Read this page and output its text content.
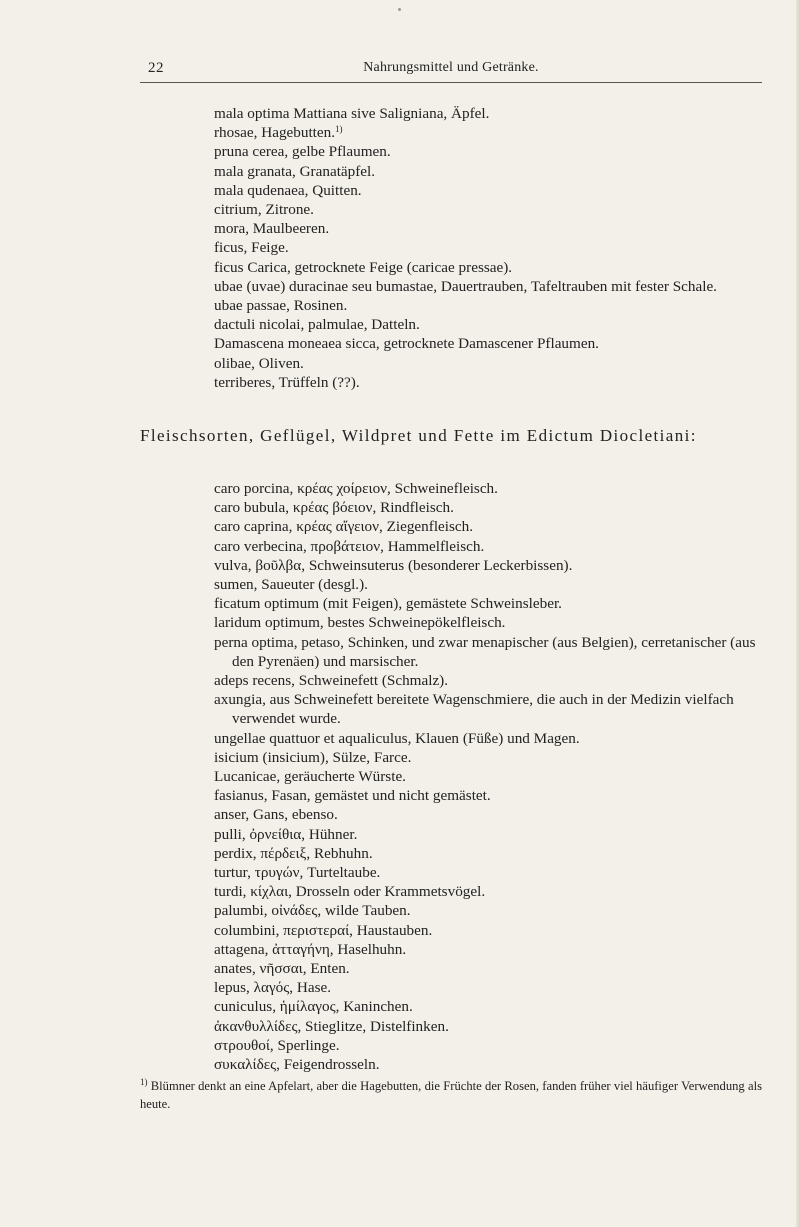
22	Nahrungsmittel und Getränke.

mala optima Mattiana sive Saligniana, Äpfel.

rhosae, Hagebutten.$^{1)}$

pruna cerea, gelbe Pflaumen.

mala granata, Granatäpfel.

mala qudenaea, Quitten.

citrium, Zitrone.

mora, Maulbeeren.

ficus, Feige.

ficus Carica, getrocknete Feige (caricae pressae).

ubae (uvae) duracinae seu bumastae, Dauertrauben, Tafeltrauben mit fester Schale.

ubae passae, Rosinen.

dactuli nicolai, palmulae, Datteln.

Damascena moneaea sicca, getrocknete Damascener Pflaumen.

olibae, Oliven.

terriberes, Trüffeln (??).

Fleischsorten, Geflügel, Wildpret und Fette im Edictum Diocletiani:

caro porcina, κρέας χοίρειον, Schweinefleisch.

caro bubula, κρέας βόειον, Rindfleisch.

caro caprina, κρέας αἴγειον, Ziegenfleisch.

caro verbecina, προβάτειον, Hammelfleisch.

vulva, βοῦλβα, Schweinsuterus (besonderer Leckerbissen).

sumen, Saueuter (desgl.).

ficatum optimum (mit Feigen), gemästete Schweinsleber.

laridum optimum, bestes Schweinepökelfleisch.

perna optima, petaso, Schinken, und zwar menapischer (aus Belgien), cerretanischer (aus den Pyrenäen) und marsischer.

adeps recens, Schweinefett (Schmalz).

axungia, aus Schweinefett bereitete Wagenschmiere, die auch in der Medizin vielfach verwendet wurde.

ungellae quattuor et aqualiculus, Klauen (Füße) und Magen.

isicium (insicium), Sülze, Farce.

Lucanicae, geräucherte Würste.

fasianus, Fasan, gemästet und nicht gemästet.

anser, Gans, ebenso.

pulli, ὀρνείθια, Hühner.

perdix, πέρδειξ, Rebhuhn.

turtur, τρυγών, Turteltaube.

turdi, κίχλαι, Drosseln oder Krammetsvögel.

palumbi, οἰνάδες, wilde Tauben.

columbini, περιστεραί, Haustauben.

attagena, ἀτταγήνη, Haselhuhn.

anates, νῆσσαι, Enten.

lepus, λαγός, Hase.

cuniculus, ἡμίλαγος, Kaninchen.

ἀκανθυλλίδες, Stieglitze, Distelfinken.

στρουθοί, Sperlinge.

συκαλίδες, Feigendrosseln.

$^{1)}$ Blümner denkt an eine Apfelart, aber die Hagebutten, die Früchte der Rosen, fanden früher viel häufiger Verwendung als heute.
